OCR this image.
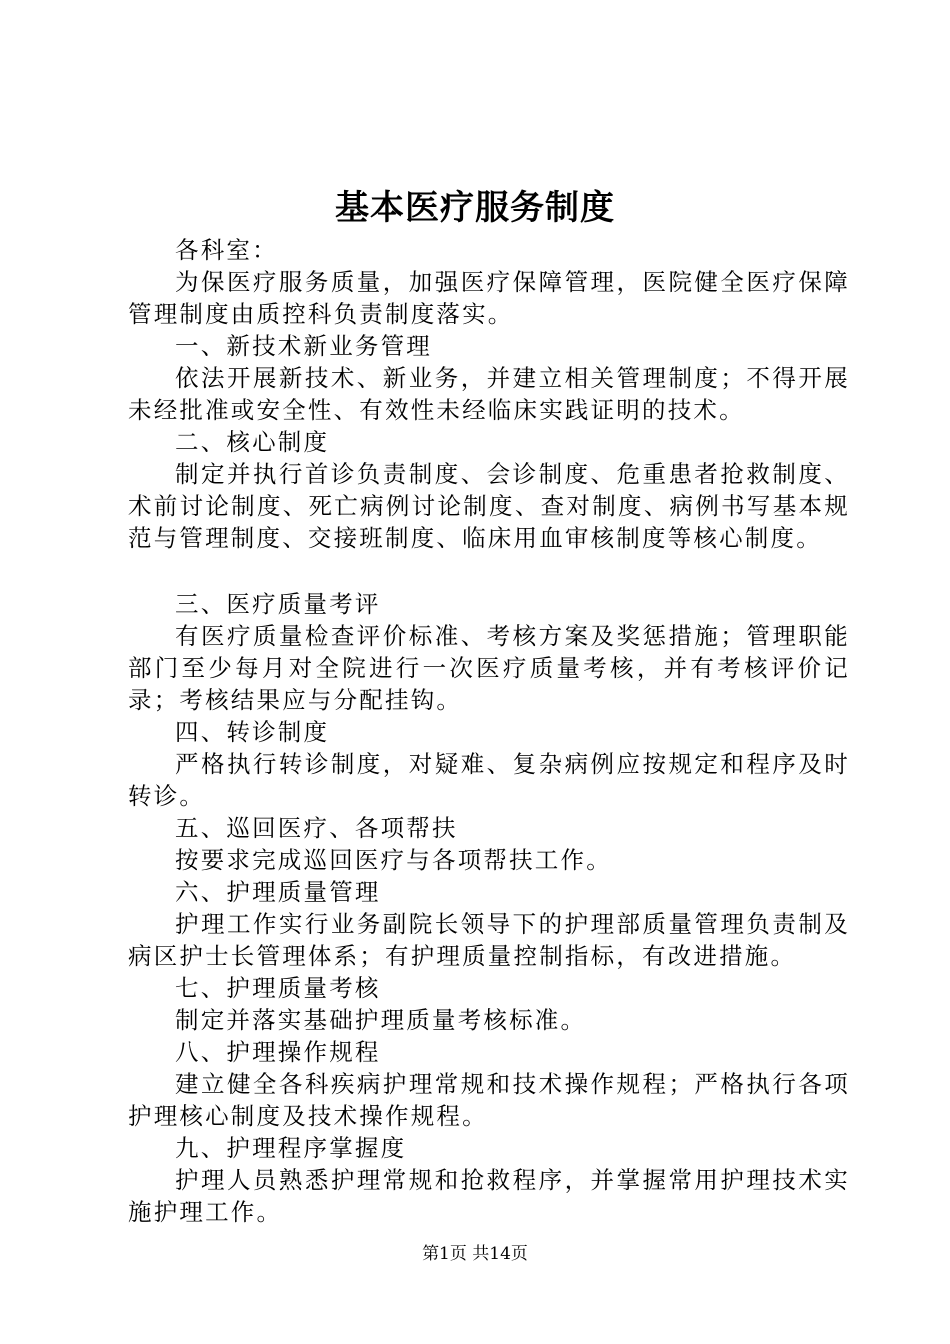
基本医疗服务制度

各科室：

为保医疗服务质量，加强医疗保障管理，医院健全医疗保障管理制度由质控科负责制度落实。

一、新技术新业务管理

依法开展新技术、新业务，并建立相关管理制度；不得开展未经批准或安全性、有效性未经临床实践证明的技术。

二、核心制度

制定并执行首诊负责制度、会诊制度、危重患者抢救制度、术前讨论制度、死亡病例讨论制度、查对制度、病例书写基本规范与管理制度、交接班制度、临床用血审核制度等核心制度。

三、医疗质量考评

有医疗质量检查评价标准、考核方案及奖惩措施；管理职能部门至少每月对全院进行一次医疗质量考核，并有考核评价记录；考核结果应与分配挂钩。

四、转诊制度

严格执行转诊制度，对疑难、复杂病例应按规定和程序及时转诊。

五、巡回医疗、各项帮扶

按要求完成巡回医疗与各项帮扶工作。

六、护理质量管理

护理工作实行业务副院长领导下的护理部质量管理负责制及病区护士长管理体系；有护理质量控制指标，有改进措施。

七、护理质量考核

制定并落实基础护理质量考核标准。

八、护理操作规程

建立健全各科疾病护理常规和技术操作规程；严格执行各项护理核心制度及技术操作规程。

九、护理程序掌握度

护理人员熟悉护理常规和抢救程序，并掌握常用护理技术实施护理工作。

第1页 共14页
